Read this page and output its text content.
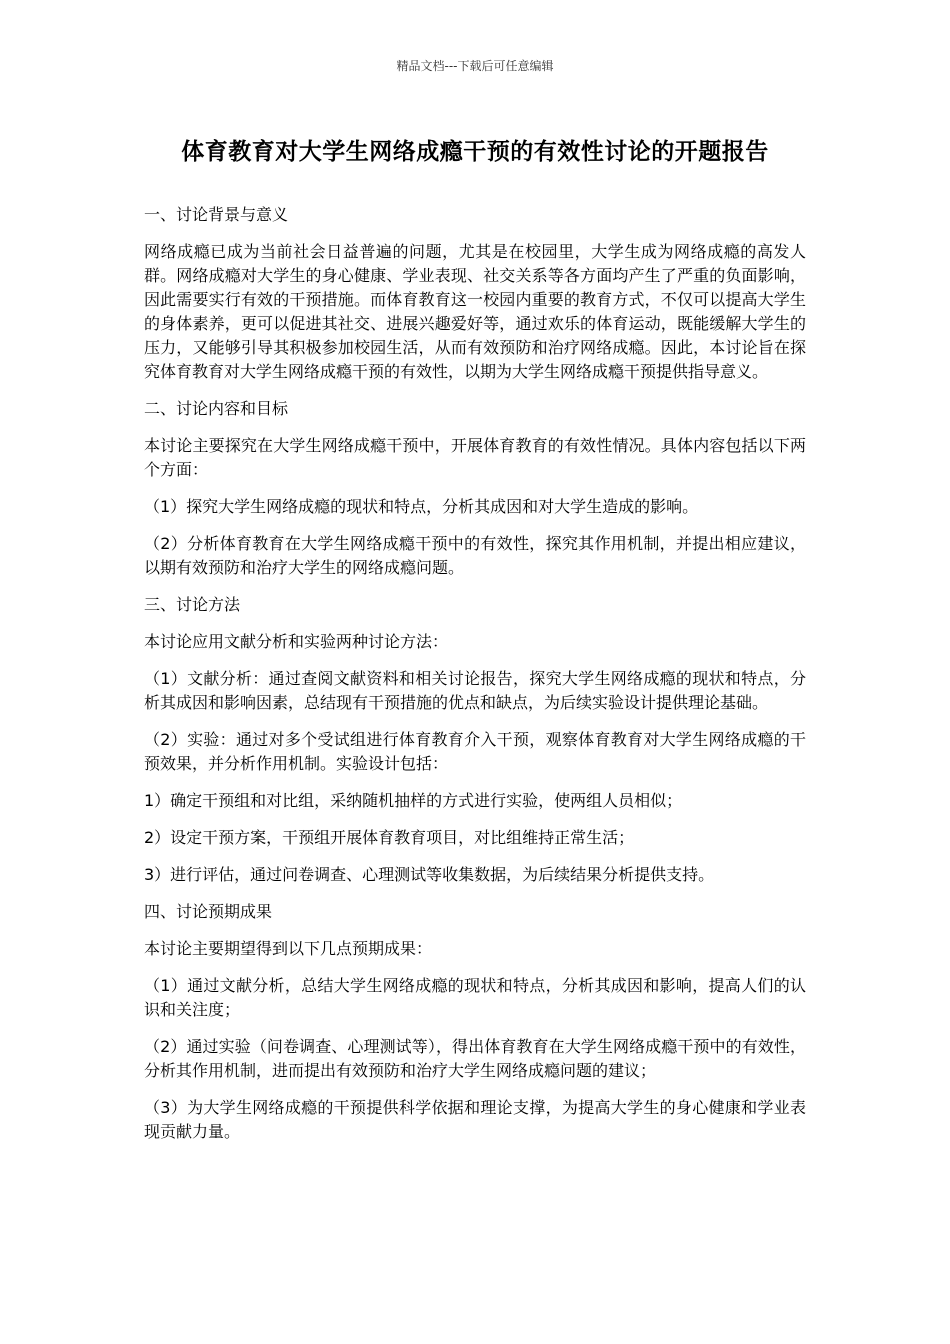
精品文档---下载后可任意编辑
体育教育对大学生网络成瘾干预的有效性讨论的开题报告
一、讨论背景与意义
网络成瘾已成为当前社会日益普遍的问题，尤其是在校园里，大学生成为网络成瘾的高发人群。网络成瘾对大学生的身心健康、学业表现、社交关系等各方面均产生了严重的负面影响，因此需要实行有效的干预措施。而体育教育这一校园内重要的教育方式，不仅可以提高大学生的身体素养，更可以促进其社交、进展兴趣爱好等，通过欢乐的体育运动，既能缓解大学生的压力，又能够引导其积极参加校园生活，从而有效预防和治疗网络成瘾。因此，本讨论旨在探究体育教育对大学生网络成瘾干预的有效性，以期为大学生网络成瘾干预提供指导意义。
二、讨论内容和目标
本讨论主要探究在大学生网络成瘾干预中，开展体育教育的有效性情况。具体内容包括以下两个方面：
（1）探究大学生网络成瘾的现状和特点，分析其成因和对大学生造成的影响。
（2）分析体育教育在大学生网络成瘾干预中的有效性，探究其作用机制，并提出相应建议，以期有效预防和治疗大学生的网络成瘾问题。
三、讨论方法
本讨论应用文献分析和实验两种讨论方法：
（1）文献分析：通过查阅文献资料和相关讨论报告，探究大学生网络成瘾的现状和特点，分析其成因和影响因素，总结现有干预措施的优点和缺点，为后续实验设计提供理论基础。
（2）实验：通过对多个受试组进行体育教育介入干预，观察体育教育对大学生网络成瘾的干预效果，并分析作用机制。实验设计包括：
1）确定干预组和对比组，采纳随机抽样的方式进行实验，使两组人员相似；
2）设定干预方案，干预组开展体育教育项目，对比组维持正常生活；
3）进行评估，通过问卷调查、心理测试等收集数据，为后续结果分析提供支持。
四、讨论预期成果
本讨论主要期望得到以下几点预期成果：
（1）通过文献分析，总结大学生网络成瘾的现状和特点，分析其成因和影响，提高人们的认识和关注度；
（2）通过实验（问卷调查、心理测试等），得出体育教育在大学生网络成瘾干预中的有效性，分析其作用机制，进而提出有效预防和治疗大学生网络成瘾问题的建议；
（3）为大学生网络成瘾的干预提供科学依据和理论支撑，为提高大学生的身心健康和学业表现贡献力量。
